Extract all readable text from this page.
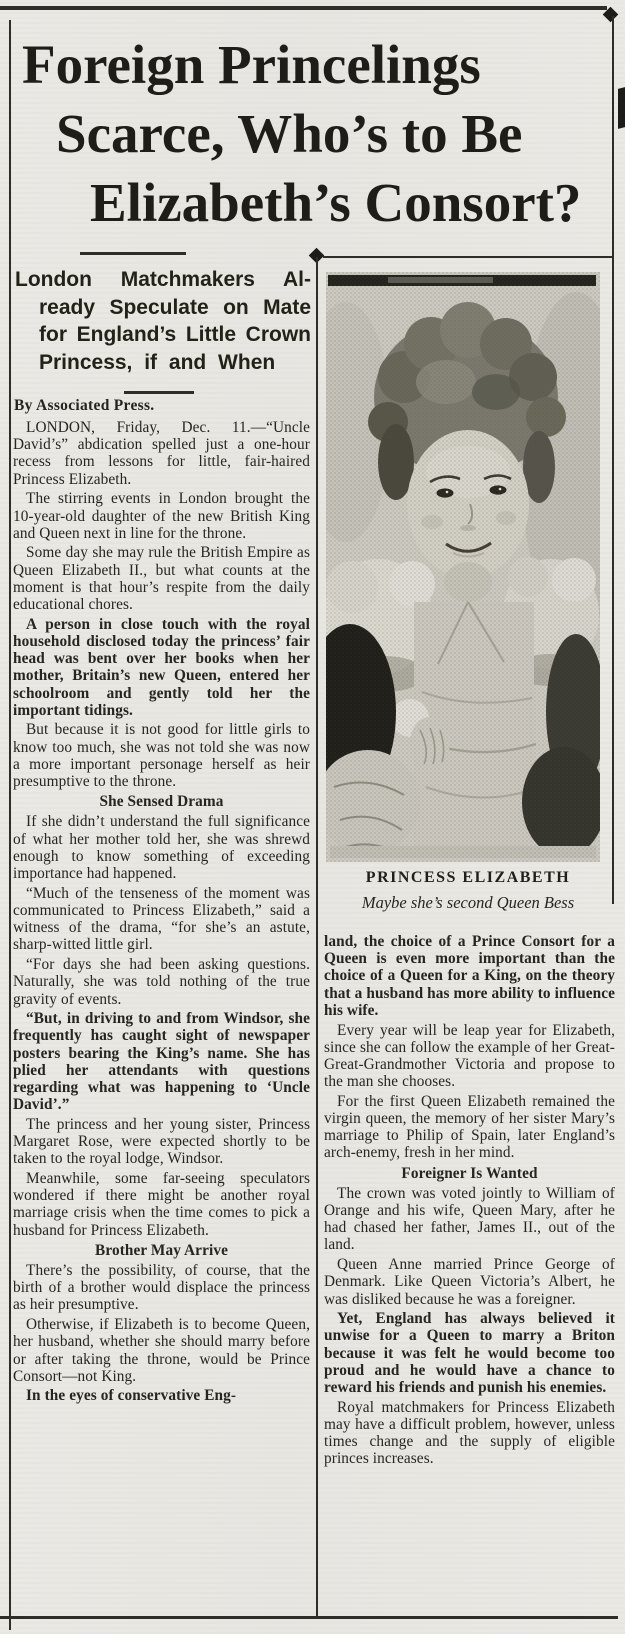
Foreign Princelings
Scarce, Who’s to Be
Elizabeth’s Consort?
London Matchmakers Al-
ready Speculate on Mate
for England’s Little Crown
Princess, if and When
By Associated Press.

LONDON, Friday, Dec. 11.—“Uncle David’s” abdication spelled just a one-hour recess from lessons for little, fair-haired Princess Elizabeth.

The stirring events in London brought the 10-year-old daughter of the new British King and Queen next in line for the throne.

Some day she may rule the British Empire as Queen Elizabeth II., but what counts at the moment is that hour’s respite from the daily educational chores.

A person in close touch with the royal household disclosed today the princess’ fair head was bent over her books when her mother, Britain’s new Queen, entered her schoolroom and gently told her the important tidings.

But because it is not good for little girls to know too much, she was not told she was now a more important personage herself as heir presumptive to the throne.

She Sensed Drama

If she didn’t understand the full significance of what her mother told her, she was shrewd enough to know something of exceeding importance had happened.

“Much of the tenseness of the moment was communicated to Princess Elizabeth,” said a witness of the drama, “for she’s an astute, sharp-witted little girl.

“For days she had been asking questions. Naturally, she was told nothing of the true gravity of events.

“But, in driving to and from Windsor, she frequently has caught sight of newspaper posters bearing the King’s name. She has plied her attendants with questions regarding what was happening to ‘Uncle David’.”

The princess and her young sister, Princess Margaret Rose, were expected shortly to be taken to the royal lodge, Windsor.

Meanwhile, some far-seeing speculators wondered if there might be another royal marriage crisis when the time comes to pick a husband for Princess Elizabeth.

Brother May Arrive

There’s the possibility, of course, that the birth of a brother would displace the princess as heir presumptive.

Otherwise, if Elizabeth is to become Queen, her husband, whether she should marry before or after taking the throne, would be Prince Consort—not King.

In the eyes of conservative Eng-

PRINCESS ELIZABETH
Maybe she’s second Queen Bess

land, the choice of a Prince Consort for a Queen is even more important than the choice of a Queen for a King, on the theory that a husband has more ability to influence his wife.

Every year will be leap year for Elizabeth, since she can follow the example of her Great-Great-Grandmother Victoria and propose to the man she chooses.

For the first Queen Elizabeth remained the virgin queen, the memory of her sister Mary’s marriage to Philip of Spain, later England’s arch-enemy, fresh in her mind.

Foreigner Is Wanted

The crown was voted jointly to William of Orange and his wife, Queen Mary, after he had chased her father, James II., out of the land.

Queen Anne married Prince George of Denmark. Like Queen Victoria’s Albert, he was disliked because he was a foreigner.

Yet, England has always believed it unwise for a Queen to marry a Briton because it was felt he would become too proud and he would have a chance to reward his friends and punish his enemies.

Royal matchmakers for Princess Elizabeth may have a difficult problem, however, unless times change and the supply of eligible princes increases.
